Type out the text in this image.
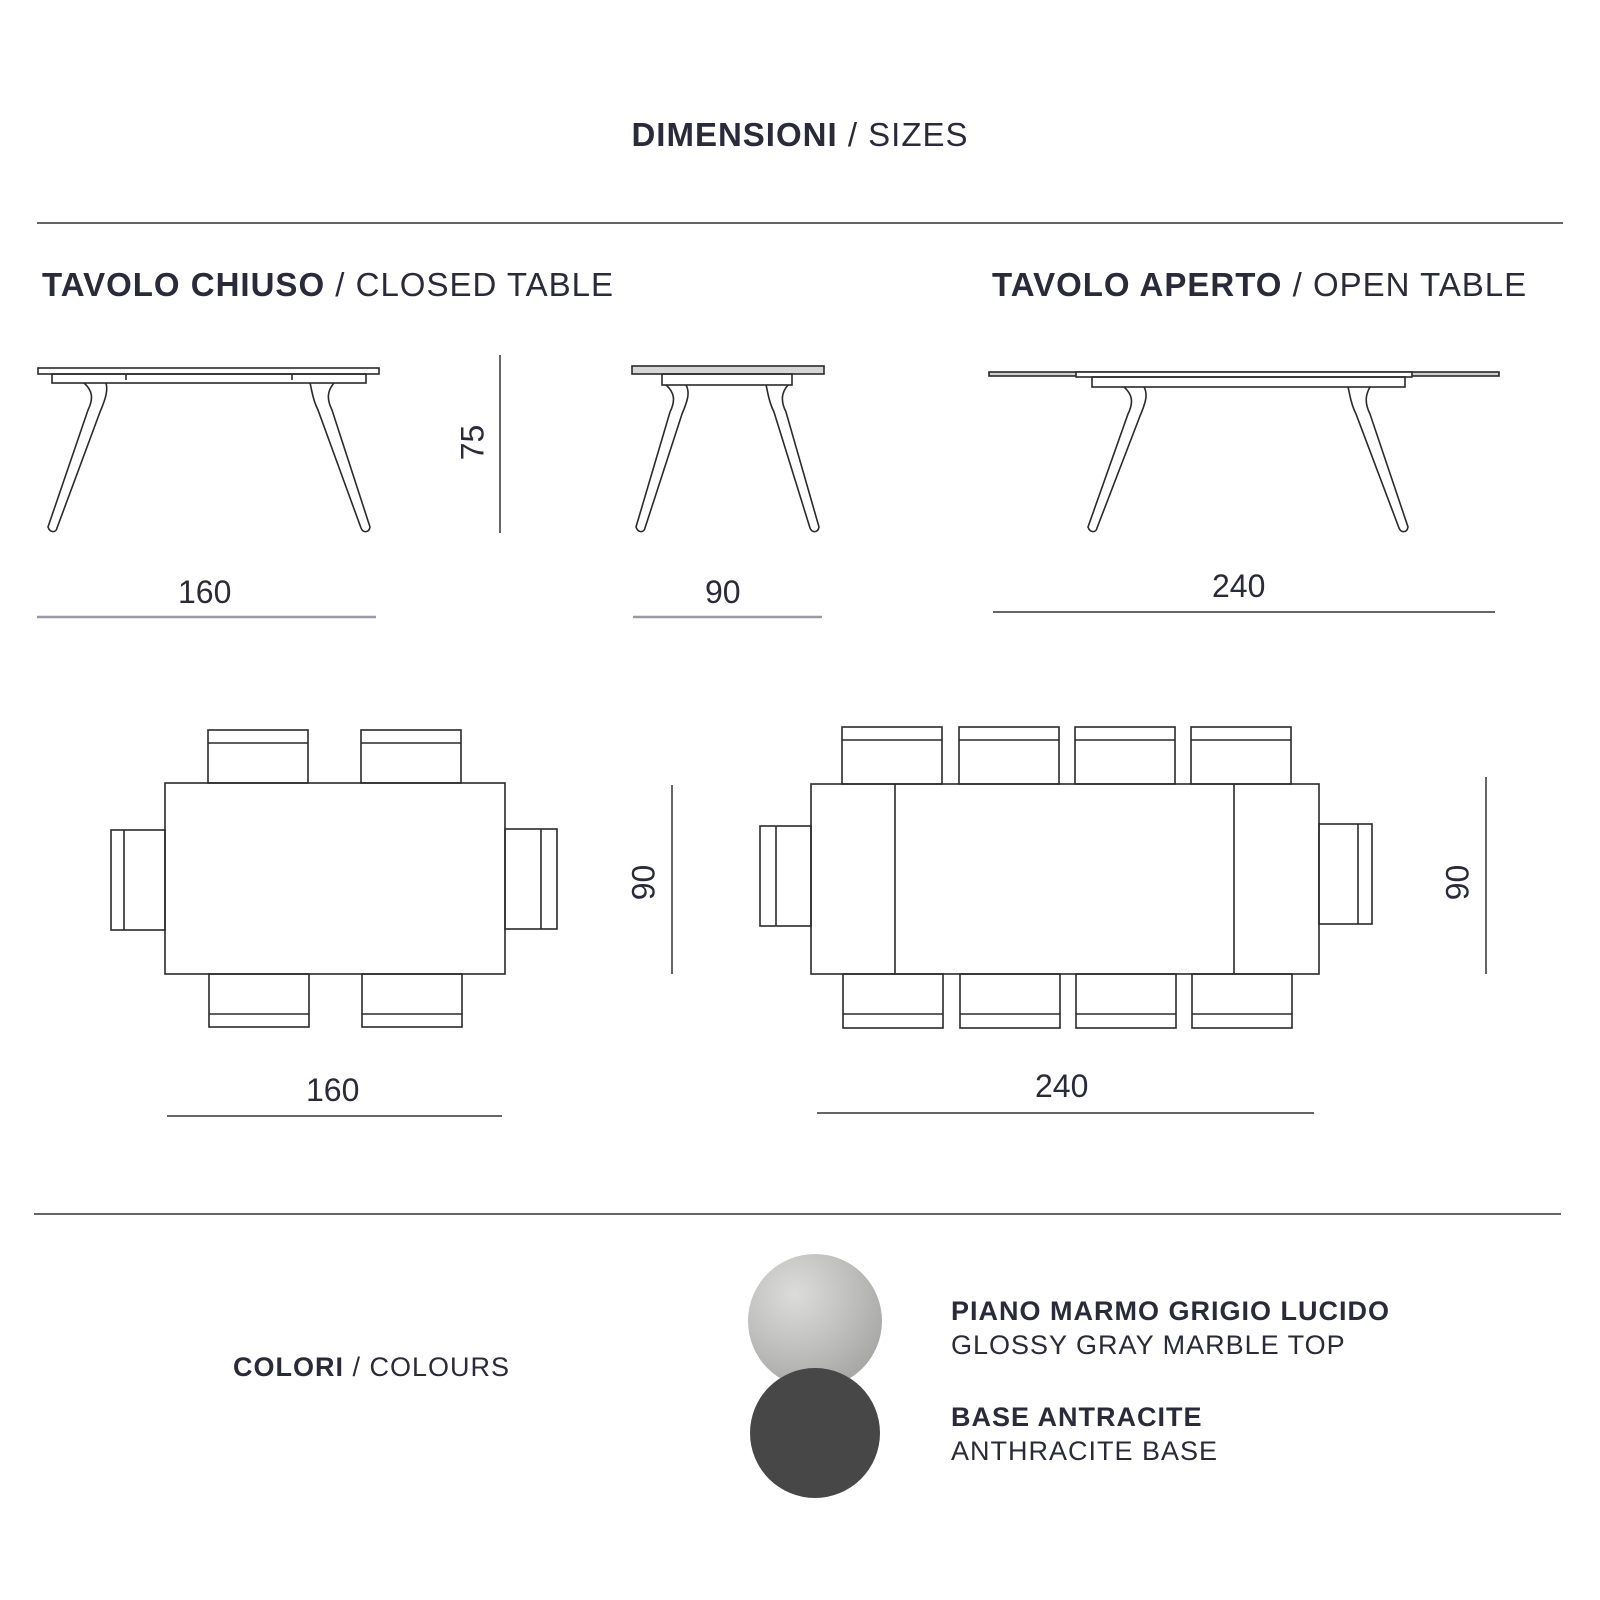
DIMENSIONI / SIZES
TAVOLO CHIUSO / CLOSED TABLE	TAVOLO APERTO / OPEN TABLE
160
75
90	240
160
90
240
90
COLORI / COLOURS
PIANO MARMO GRIGIO LUCIDO
GLOSSY GRAY MARBLE TOP
BASE ANTRACITE
ANTHRACITE BASE
